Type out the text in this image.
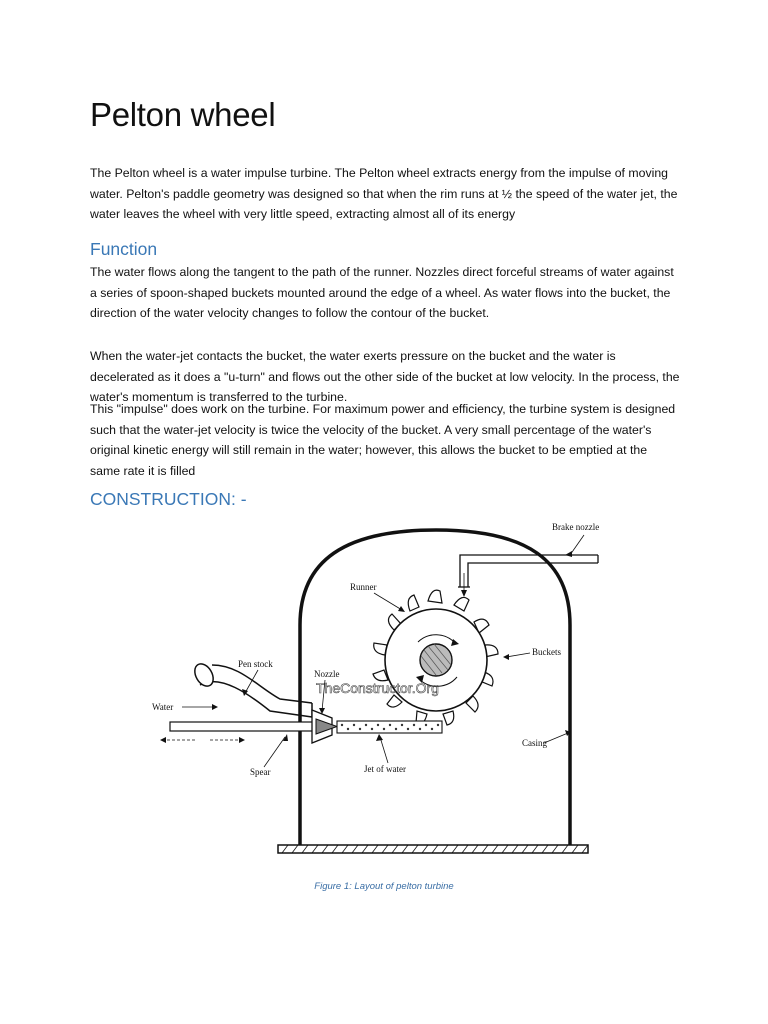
Pelton wheel

The Pelton wheel is a water impulse turbine. The Pelton wheel extracts energy from the impulse of moving water. Pelton's paddle geometry was designed so that when the rim runs at ½ the speed of the water jet, the water leaves the wheel with very little speed, extracting almost all of its energy

Function

The water flows along the tangent to the path of the runner. Nozzles direct forceful streams of water against a series of spoon-shaped buckets mounted around the edge of a wheel. As water flows into the bucket, the direction of the water velocity changes to follow the contour of the bucket.

When the water-jet contacts the bucket, the water exerts pressure on the bucket and the water is decelerated as it does a "u-turn" and flows out the other side of the bucket at low velocity. In the process, the water's momentum is transferred to the turbine.

This "impulse" does work on the turbine. For maximum power and efficiency, the turbine system is designed such that the water-jet velocity is twice the velocity of the bucket. A very small percentage of the water's original kinetic energy will still remain in the water; however, this allows the bucket to be emptied at the same rate it is filled

CONSTRUCTION: -
Brake nozzle
Runner
Buckets
Pen stock
Nozzle
Water
Casing
Spear	Jet of water
TheConstructor.Org

Figure 1: Layout of pelton turbine
